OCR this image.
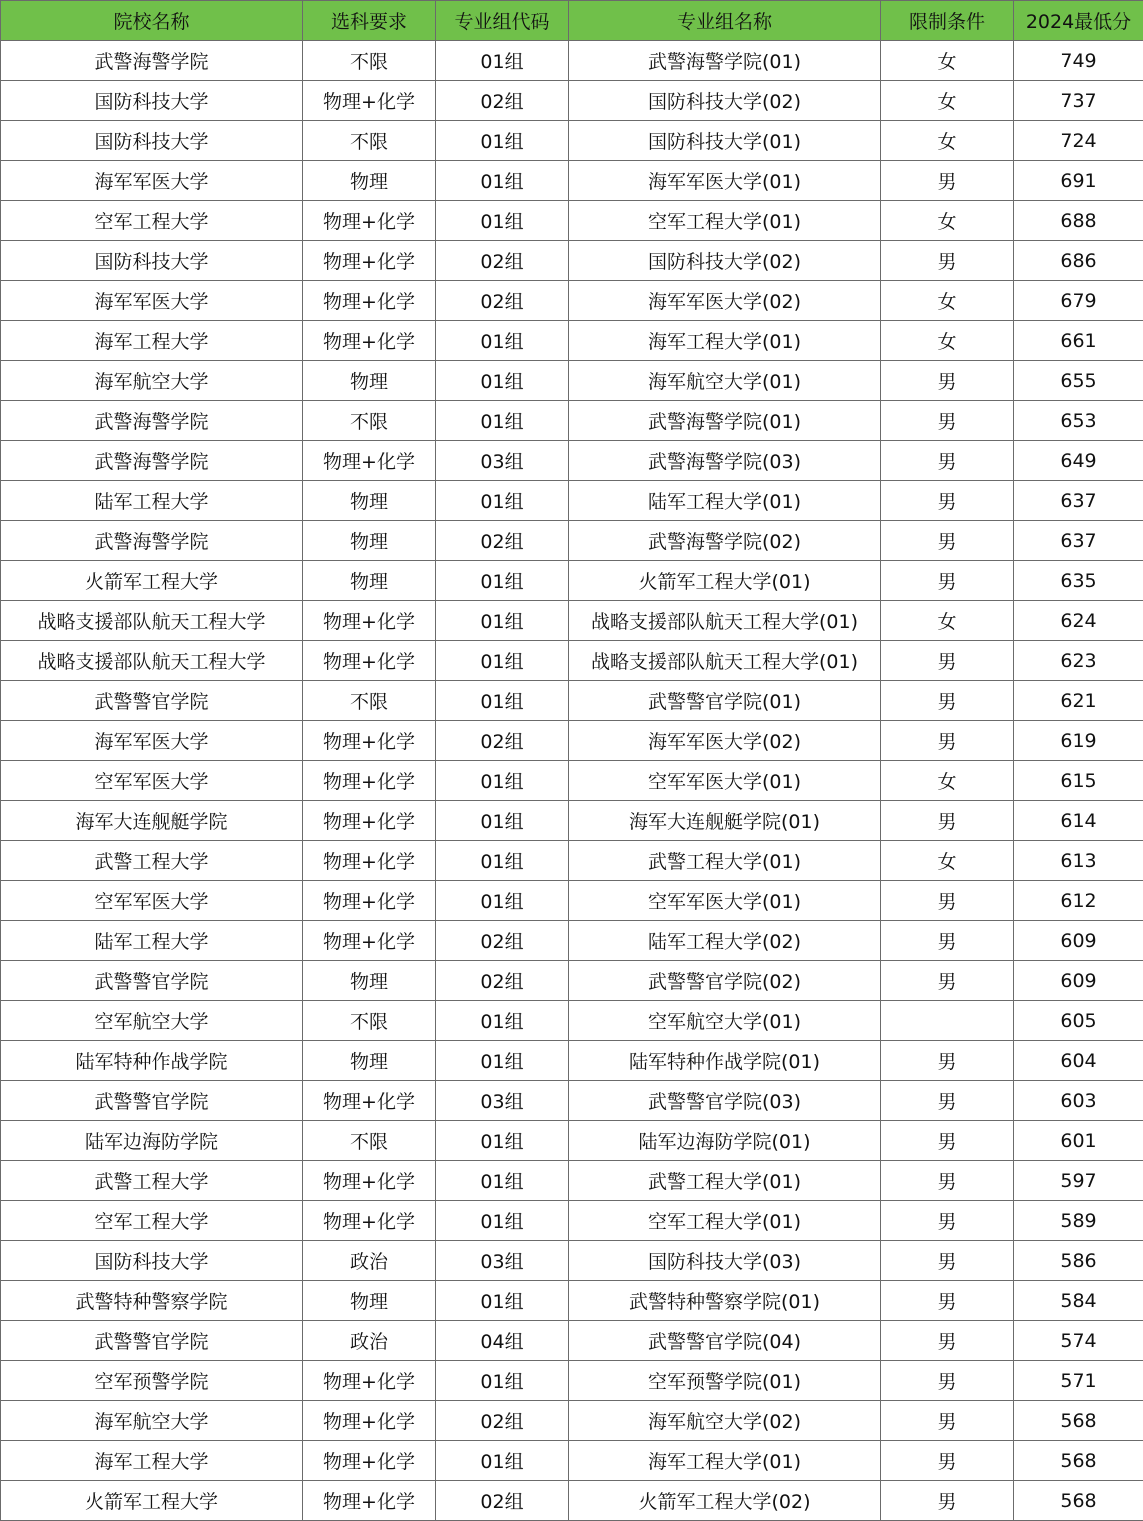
院校名称	选科要求	专业组代码	专业组名称	限制条件	2024最低分
武警海警学院	不限	01组	武警海警学院(01)	女	749
国防科技大学	物理+化学	02组	国防科技大学(02)	女	737
国防科技大学	不限	01组	国防科技大学(01)	女	724
海军军医大学	物理	01组	海军军医大学(01)	男	691
空军工程大学	物理+化学	01组	空军工程大学(01)	女	688
国防科技大学	物理+化学	02组	国防科技大学(02)	男	686
海军军医大学	物理+化学	02组	海军军医大学(02)	女	679
海军工程大学	物理+化学	01组	海军工程大学(01)	女	661
海军航空大学	物理	01组	海军航空大学(01)	男	655
武警海警学院	不限	01组	武警海警学院(01)	男	653
武警海警学院	物理+化学	03组	武警海警学院(03)	男	649
陆军工程大学	物理	01组	陆军工程大学(01)	男	637
武警海警学院	物理	02组	武警海警学院(02)	男	637
火箭军工程大学	物理	01组	火箭军工程大学(01)	男	635
战略支援部队航天工程大学	物理+化学	01组	战略支援部队航天工程大学(01)	女	624
战略支援部队航天工程大学	物理+化学	01组	战略支援部队航天工程大学(01)	男	623
武警警官学院	不限	01组	武警警官学院(01)	男	621
海军军医大学	物理+化学	02组	海军军医大学(02)	男	619
空军军医大学	物理+化学	01组	空军军医大学(01)	女	615
海军大连舰艇学院	物理+化学	01组	海军大连舰艇学院(01)	男	614
武警工程大学	物理+化学	01组	武警工程大学(01)	女	613
空军军医大学	物理+化学	01组	空军军医大学(01)	男	612
陆军工程大学	物理+化学	02组	陆军工程大学(02)	男	609
武警警官学院	物理	02组	武警警官学院(02)	男	609
空军航空大学	不限	01组	空军航空大学(01)		605
陆军特种作战学院	物理	01组	陆军特种作战学院(01)	男	604
武警警官学院	物理+化学	03组	武警警官学院(03)	男	603
陆军边海防学院	不限	01组	陆军边海防学院(01)	男	601
武警工程大学	物理+化学	01组	武警工程大学(01)	男	597
空军工程大学	物理+化学	01组	空军工程大学(01)	男	589
国防科技大学	政治	03组	国防科技大学(03)	男	586
武警特种警察学院	物理	01组	武警特种警察学院(01)	男	584
武警警官学院	政治	04组	武警警官学院(04)	男	574
空军预警学院	物理+化学	01组	空军预警学院(01)	男	571
海军航空大学	物理+化学	02组	海军航空大学(02)	男	568
海军工程大学	物理+化学	01组	海军工程大学(01)	男	568
火箭军工程大学	物理+化学	02组	火箭军工程大学(02)	男	568
